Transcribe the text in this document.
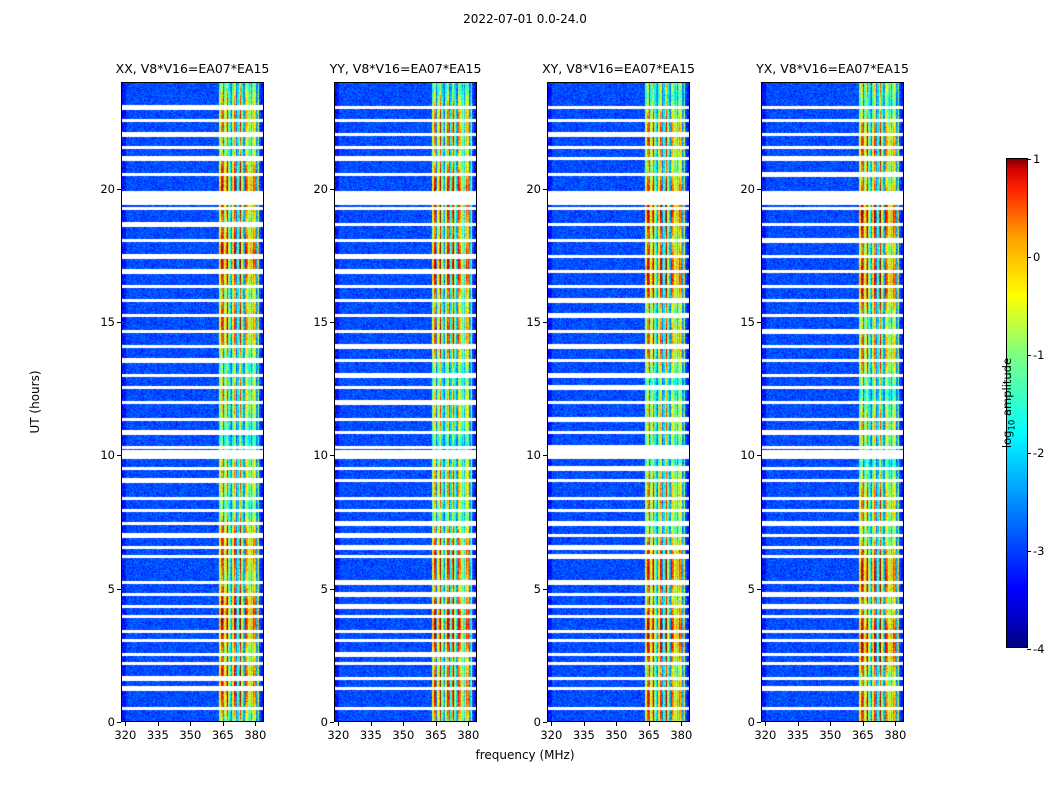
2022-07-01 0.0-24.0
UT (hours)
frequency (MHz)
XX, V8*V16=EA07*EA15
0
5
10
15
20
320 335 350 365 380
YY, V8*V16=EA07*EA15
0
5
10
15
20
320 335 350 365 380
XY, V8*V16=EA07*EA15
0
5
10
15
20
320 335 350 365 380
YX, V8*V16=EA07*EA15
0
5
10
15
20
320 335 350 365 380
1
0
-1
-2
-3
-4
$\log_{10}$ amplitude
